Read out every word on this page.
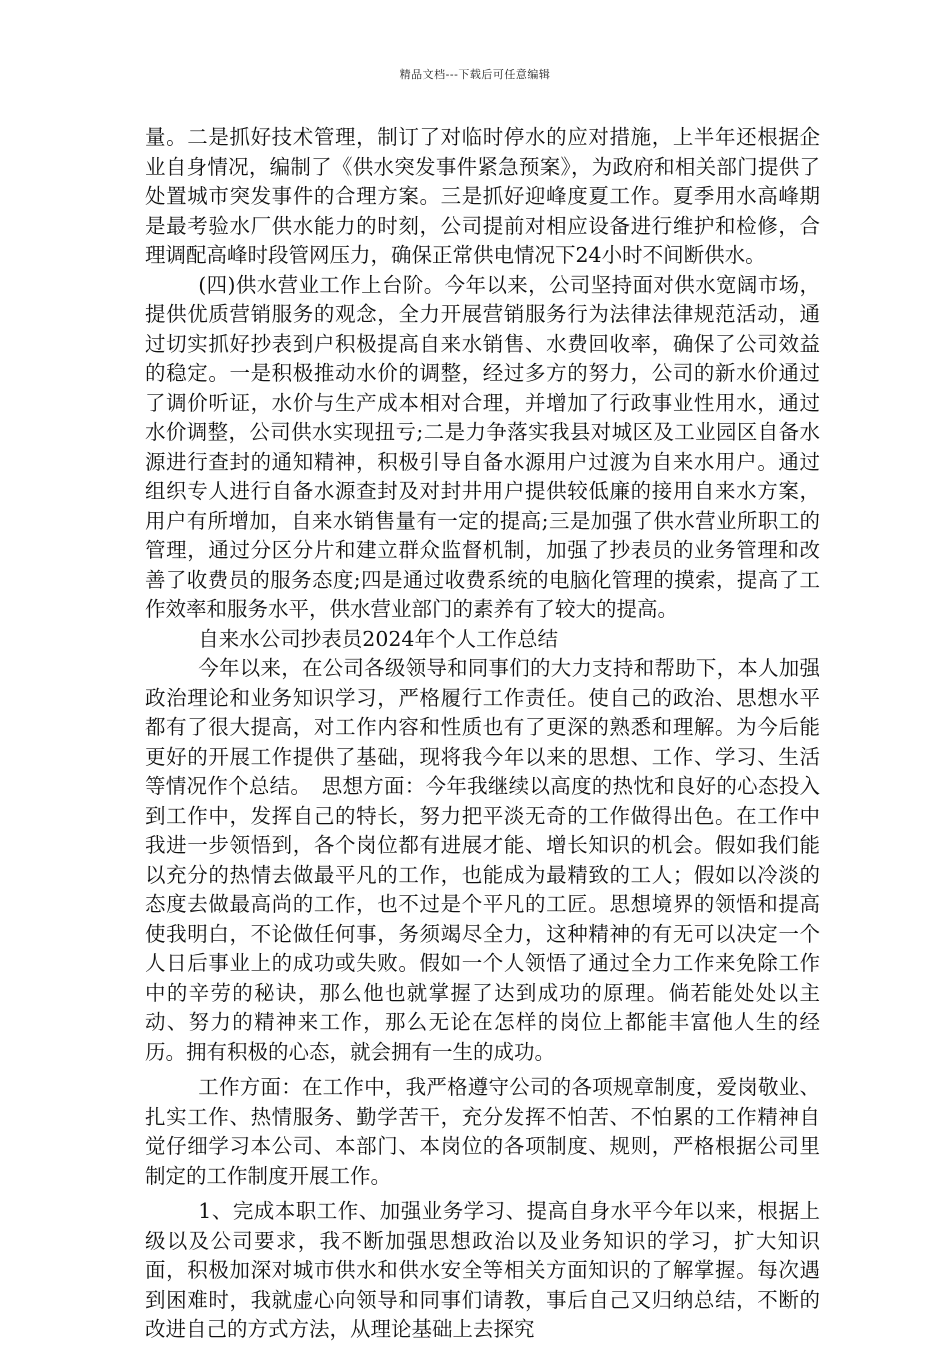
精品文档---下载后可任意编辑

量。二是抓好技术管理，制订了对临时停水的应对措施，上半年还根据企业自身情况，编制了《供水突发事件紧急预案》，为政府和相关部门提供了处置城市突发事件的合理方案。三是抓好迎峰度夏工作。夏季用水高峰期是最考验水厂供水能力的时刻，公司提前对相应设备进行维护和检修，合理调配高峰时段管网压力，确保正常供电情况下24小时不间断供水。

(四)供水营业工作上台阶。今年以来，公司坚持面对供水宽阔市场，提供优质营销服务的观念，全力开展营销服务行为法律法律规范活动，通过切实抓好抄表到户积极提高自来水销售、水费回收率，确保了公司效益的稳定。一是积极推动水价的调整，经过多方的努力，公司的新水价通过了调价听证，水价与生产成本相对合理，并增加了行政事业性用水，通过水价调整，公司供水实现扭亏;二是力争落实我县对城区及工业园区自备水源进行查封的通知精神，积极引导自备水源用户过渡为自来水用户。通过组织专人进行自备水源查封及对封井用户提供较低廉的接用自来水方案，用户有所增加，自来水销售量有一定的提高;三是加强了供水营业所职工的管理，通过分区分片和建立群众监督机制，加强了抄表员的业务管理和改善了收费员的服务态度;四是通过收费系统的电脑化管理的摸索，提高了工作效率和服务水平，供水营业部门的素养有了较大的提高。

自来水公司抄表员2024年个人工作总结

今年以来，在公司各级领导和同事们的大力支持和帮助下，本人加强政治理论和业务知识学习，严格履行工作责任。使自己的政治、思想水平都有了很大提高，对工作内容和性质也有了更深的熟悉和理解。为今后能更好的开展工作提供了基础，现将我今年以来的思想、工作、学习、生活等情况作个总结。　思想方面：今年我继续以高度的热忱和良好的心态投入到工作中，发挥自己的特长，努力把平淡无奇的工作做得出色。在工作中我进一步领悟到，各个岗位都有进展才能、增长知识的机会。假如我们能以充分的热情去做最平凡的工作，也能成为最精致的工人；假如以冷淡的态度去做最高尚的工作，也不过是个平凡的工匠。思想境界的领悟和提高使我明白，不论做任何事，务须竭尽全力，这种精神的有无可以决定一个人日后事业上的成功或失败。假如一个人领悟了通过全力工作来免除工作中的辛劳的秘诀，那么他也就掌握了达到成功的原理。倘若能处处以主动、努力的精神来工作，那么无论在怎样的岗位上都能丰富他人生的经历。拥有积极的心态，就会拥有一生的成功。

工作方面：在工作中，我严格遵守公司的各项规章制度，爱岗敬业、扎实工作、热情服务、勤学苦干，充分发挥不怕苦、不怕累的工作精神自觉仔细学习本公司、本部门、本岗位的各项制度、规则，严格根据公司里制定的工作制度开展工作。

1、完成本职工作、加强业务学习、提高自身水平今年以来，根据上级以及公司要求，我不断加强思想政治以及业务知识的学习，扩大知识面，积极加深对城市供水和供水安全等相关方面知识的了解掌握。每次遇到困难时，我就虚心向领导和同事们请教，事后自己又归纳总结，不断的改进自己的方式方法，从理论基础上去探究
